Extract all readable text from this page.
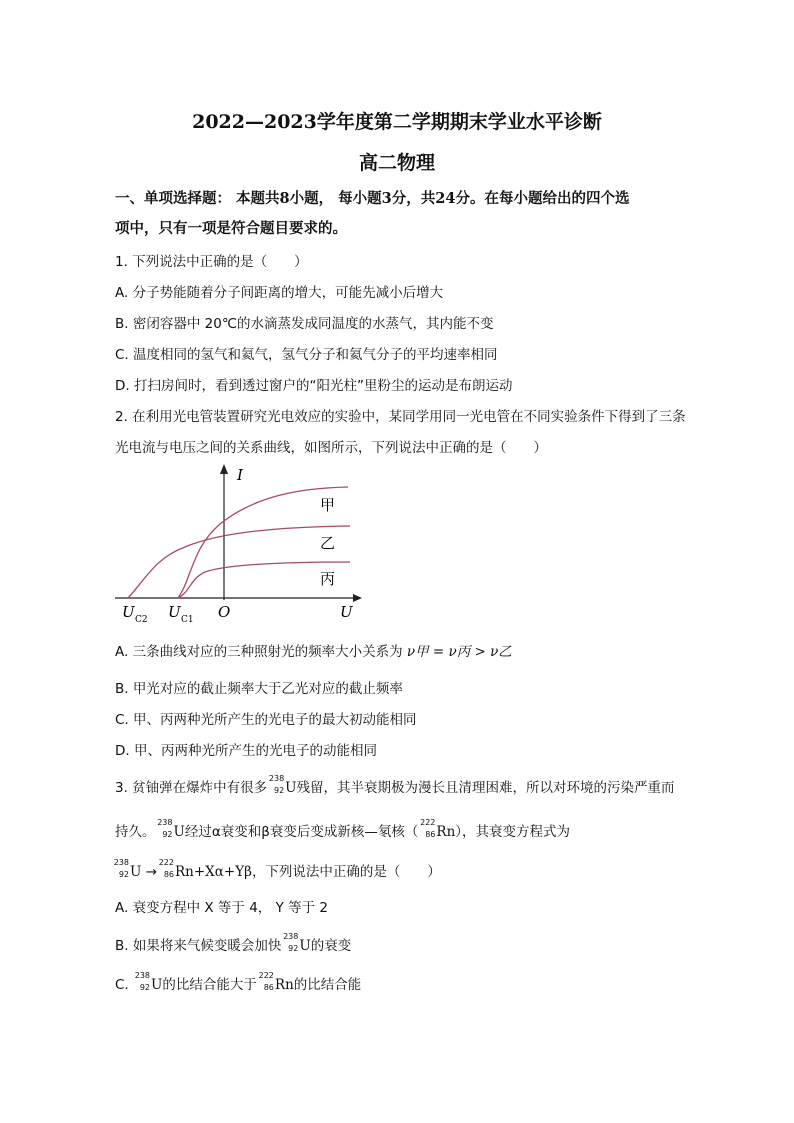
2022—2023学年度第二学期期末学业水平诊断
高二物理
一、单项选择题： 本题共8小题， 每小题3分，共24分。在每小题给出的四个选
项中，只有一项是符合题目要求的。
1. 下列说法中正确的是（　　）
A. 分子势能随着分子间距离的增大，可能先减小后增大
B. 密闭容器中 20℃的水滴蒸发成同温度的水蒸气，其内能不变
C. 温度相同的氢气和氦气，氢气分子和氦气分子的平均速率相同
D. 打扫房间时，看到透过窗户的“阳光柱”里粉尘的运动是布朗运动
2. 在利用光电管装置研究光电效应的实验中，某同学用同一光电管在不同实验条件下得到了三条
光电流与电压之间的关系曲线，如图所示，下列说法中正确的是（　　）
I
U
O
U C2 U C1
甲
乙
丙
A. 三条曲线对应的三种照射光的频率大小关系为 ν甲 = ν丙 > ν乙
B. 甲光对应的截止频率大于乙光对应的截止频率
C. 甲、丙两种光所产生的光电子的最大初动能相同
D. 甲、丙两种光所产生的光电子的动能相同
3. 贫铀弹在爆炸中有很多
238
92 U残留，其半衰期极为漫长且清理困难，所以对环境的污染严重而
持久。
238
92 U经过α衰变和β衰变后变成新核—氡核（
222
86 Rn），其衰变方程式为
238
92 U →
222
86 Rn+Xα+Yβ，下列说法中正确的是（　　）
A. 衰变方程中 X 等于 4， Y 等于 2
B. 如果将来气候变暖会加快
238
92 U的衰变
C.
238
92 U的比结合能大于
222
86 Rn的比结合能
